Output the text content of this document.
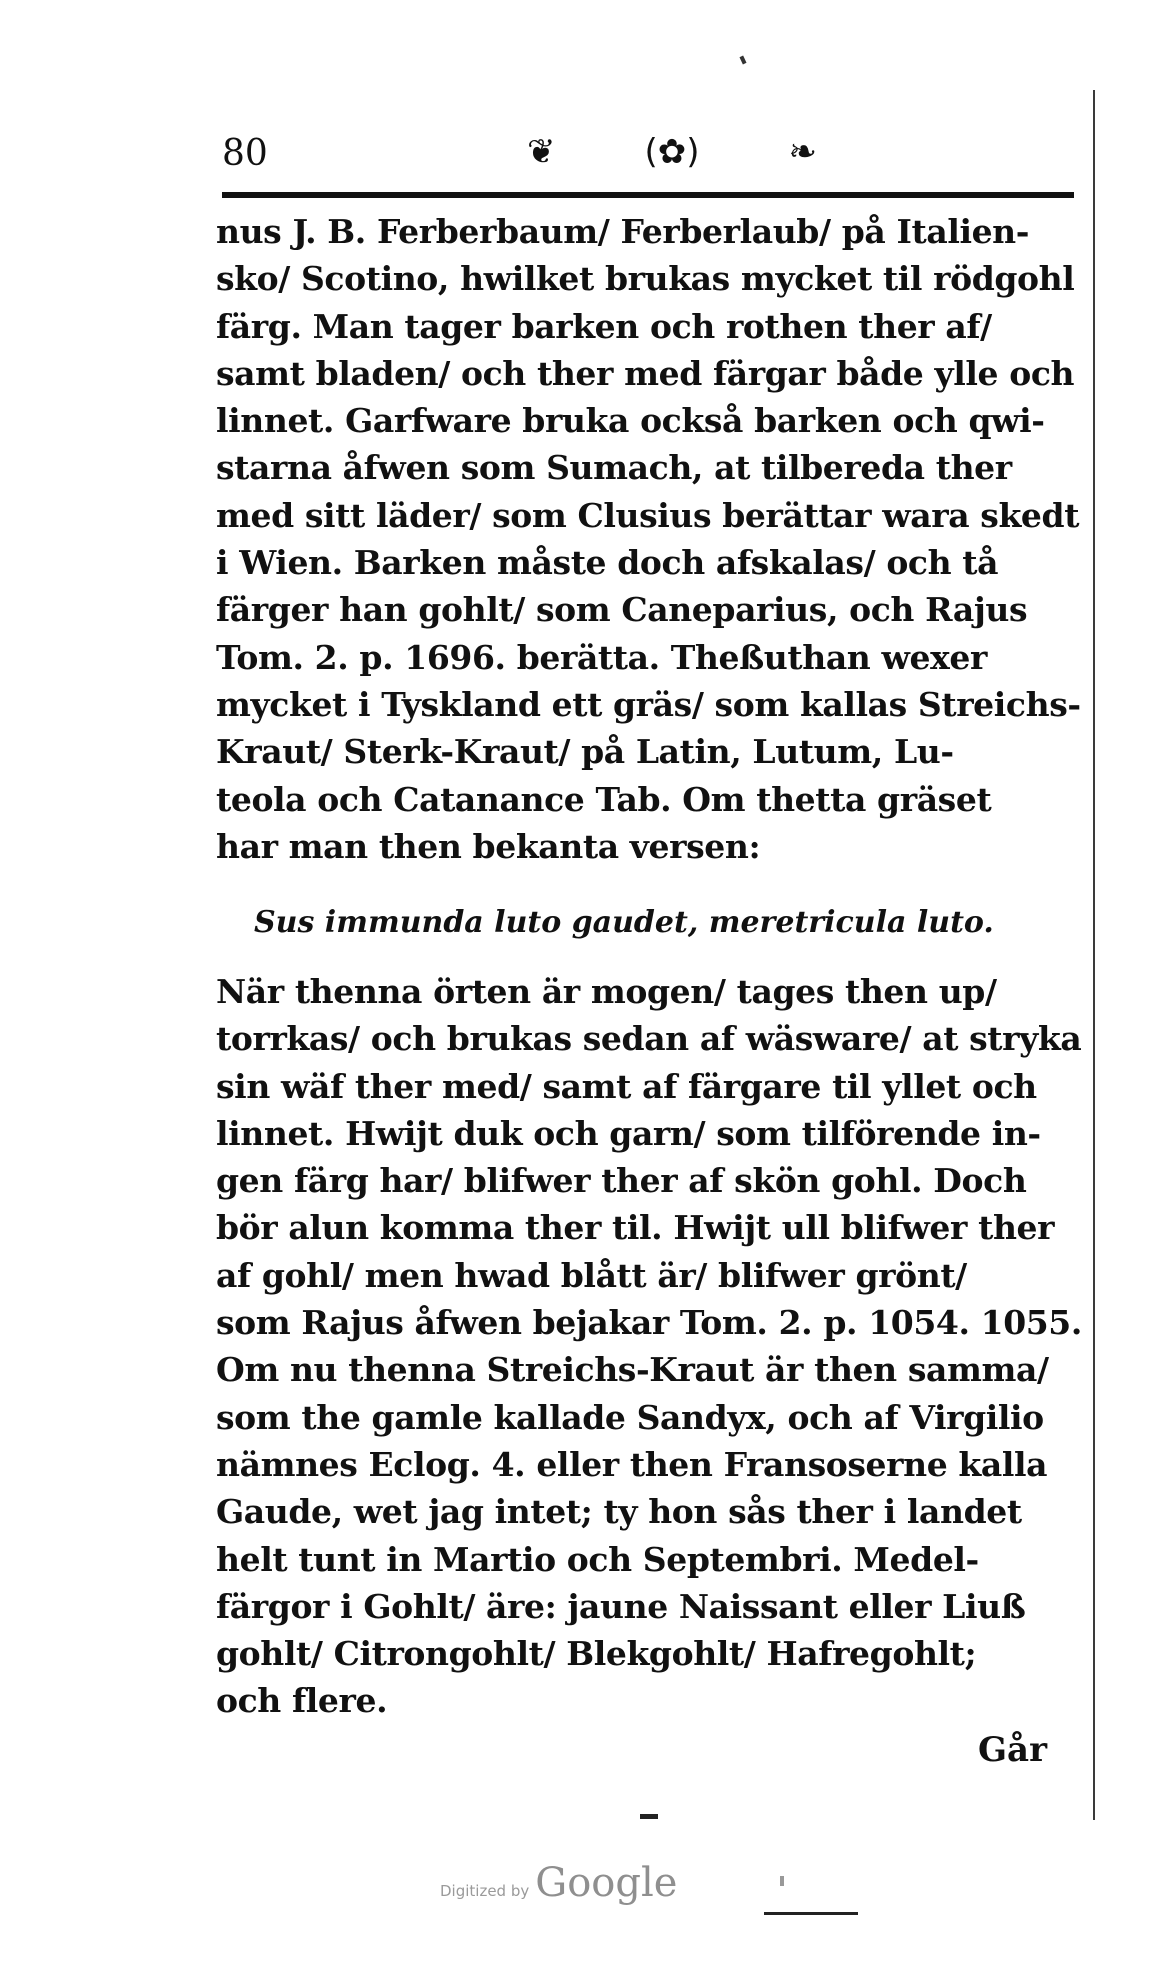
80	❦	(✿)	❧
nus J. B. Ferberbaum/ Ferberlaub/ på Italien-
sko/ Scotino, hwilket brukas mycket til rödgohl
färg. Man tager barken och rothen ther af/
samt bladen/ och ther med färgar både ylle och
linnet. Garfware bruka också barken och qwi-
starna åfwen som Sumach, at tilbereda ther
med sitt läder/ som Clusius berättar wara skedt
i Wien. Barken måste doch afskalas/ och tå
färger han gohlt/ som Caneparius, och Rajus
Tom. 2. p. 1696. berätta. Theßuthan wexer
mycket i Tyskland ett gräs/ som kallas Streichs-
Kraut/ Sterk-Kraut/ på Latin, Lutum, Lu-
teola och Catanance Tab. Om thetta gräset
har man then bekanta versen:
Sus immunda luto gaudet, meretricula luto.
När thenna örten är mogen/ tages then up/
torrkas/ och brukas sedan af wäsware/ at stryka
sin wäf ther med/ samt af färgare til yllet och
linnet. Hwijt duk och garn/ som tilförende in-
gen färg har/ blifwer ther af skön gohl. Doch
bör alun komma ther til. Hwijt ull blifwer ther
af gohl/ men hwad blått är/ blifwer grönt/
som Rajus åfwen bejakar Tom. 2. p. 1054. 1055.
Om nu thenna Streichs-Kraut är then samma/
som the gamle kallade Sandyx, och af Virgilio
nämnes Eclog. 4. eller then Fransoserne kalla
Gaude, wet jag intet; ty hon sås ther i landet
helt tunt in Martio och Septembri. Medel-
färgor i Gohlt/ äre: jaune Naissant eller Liuß
gohlt/ Citrongohlt/ Blekgohlt/ Hafregohlt;
och flere.
Går
Digitized by Google
